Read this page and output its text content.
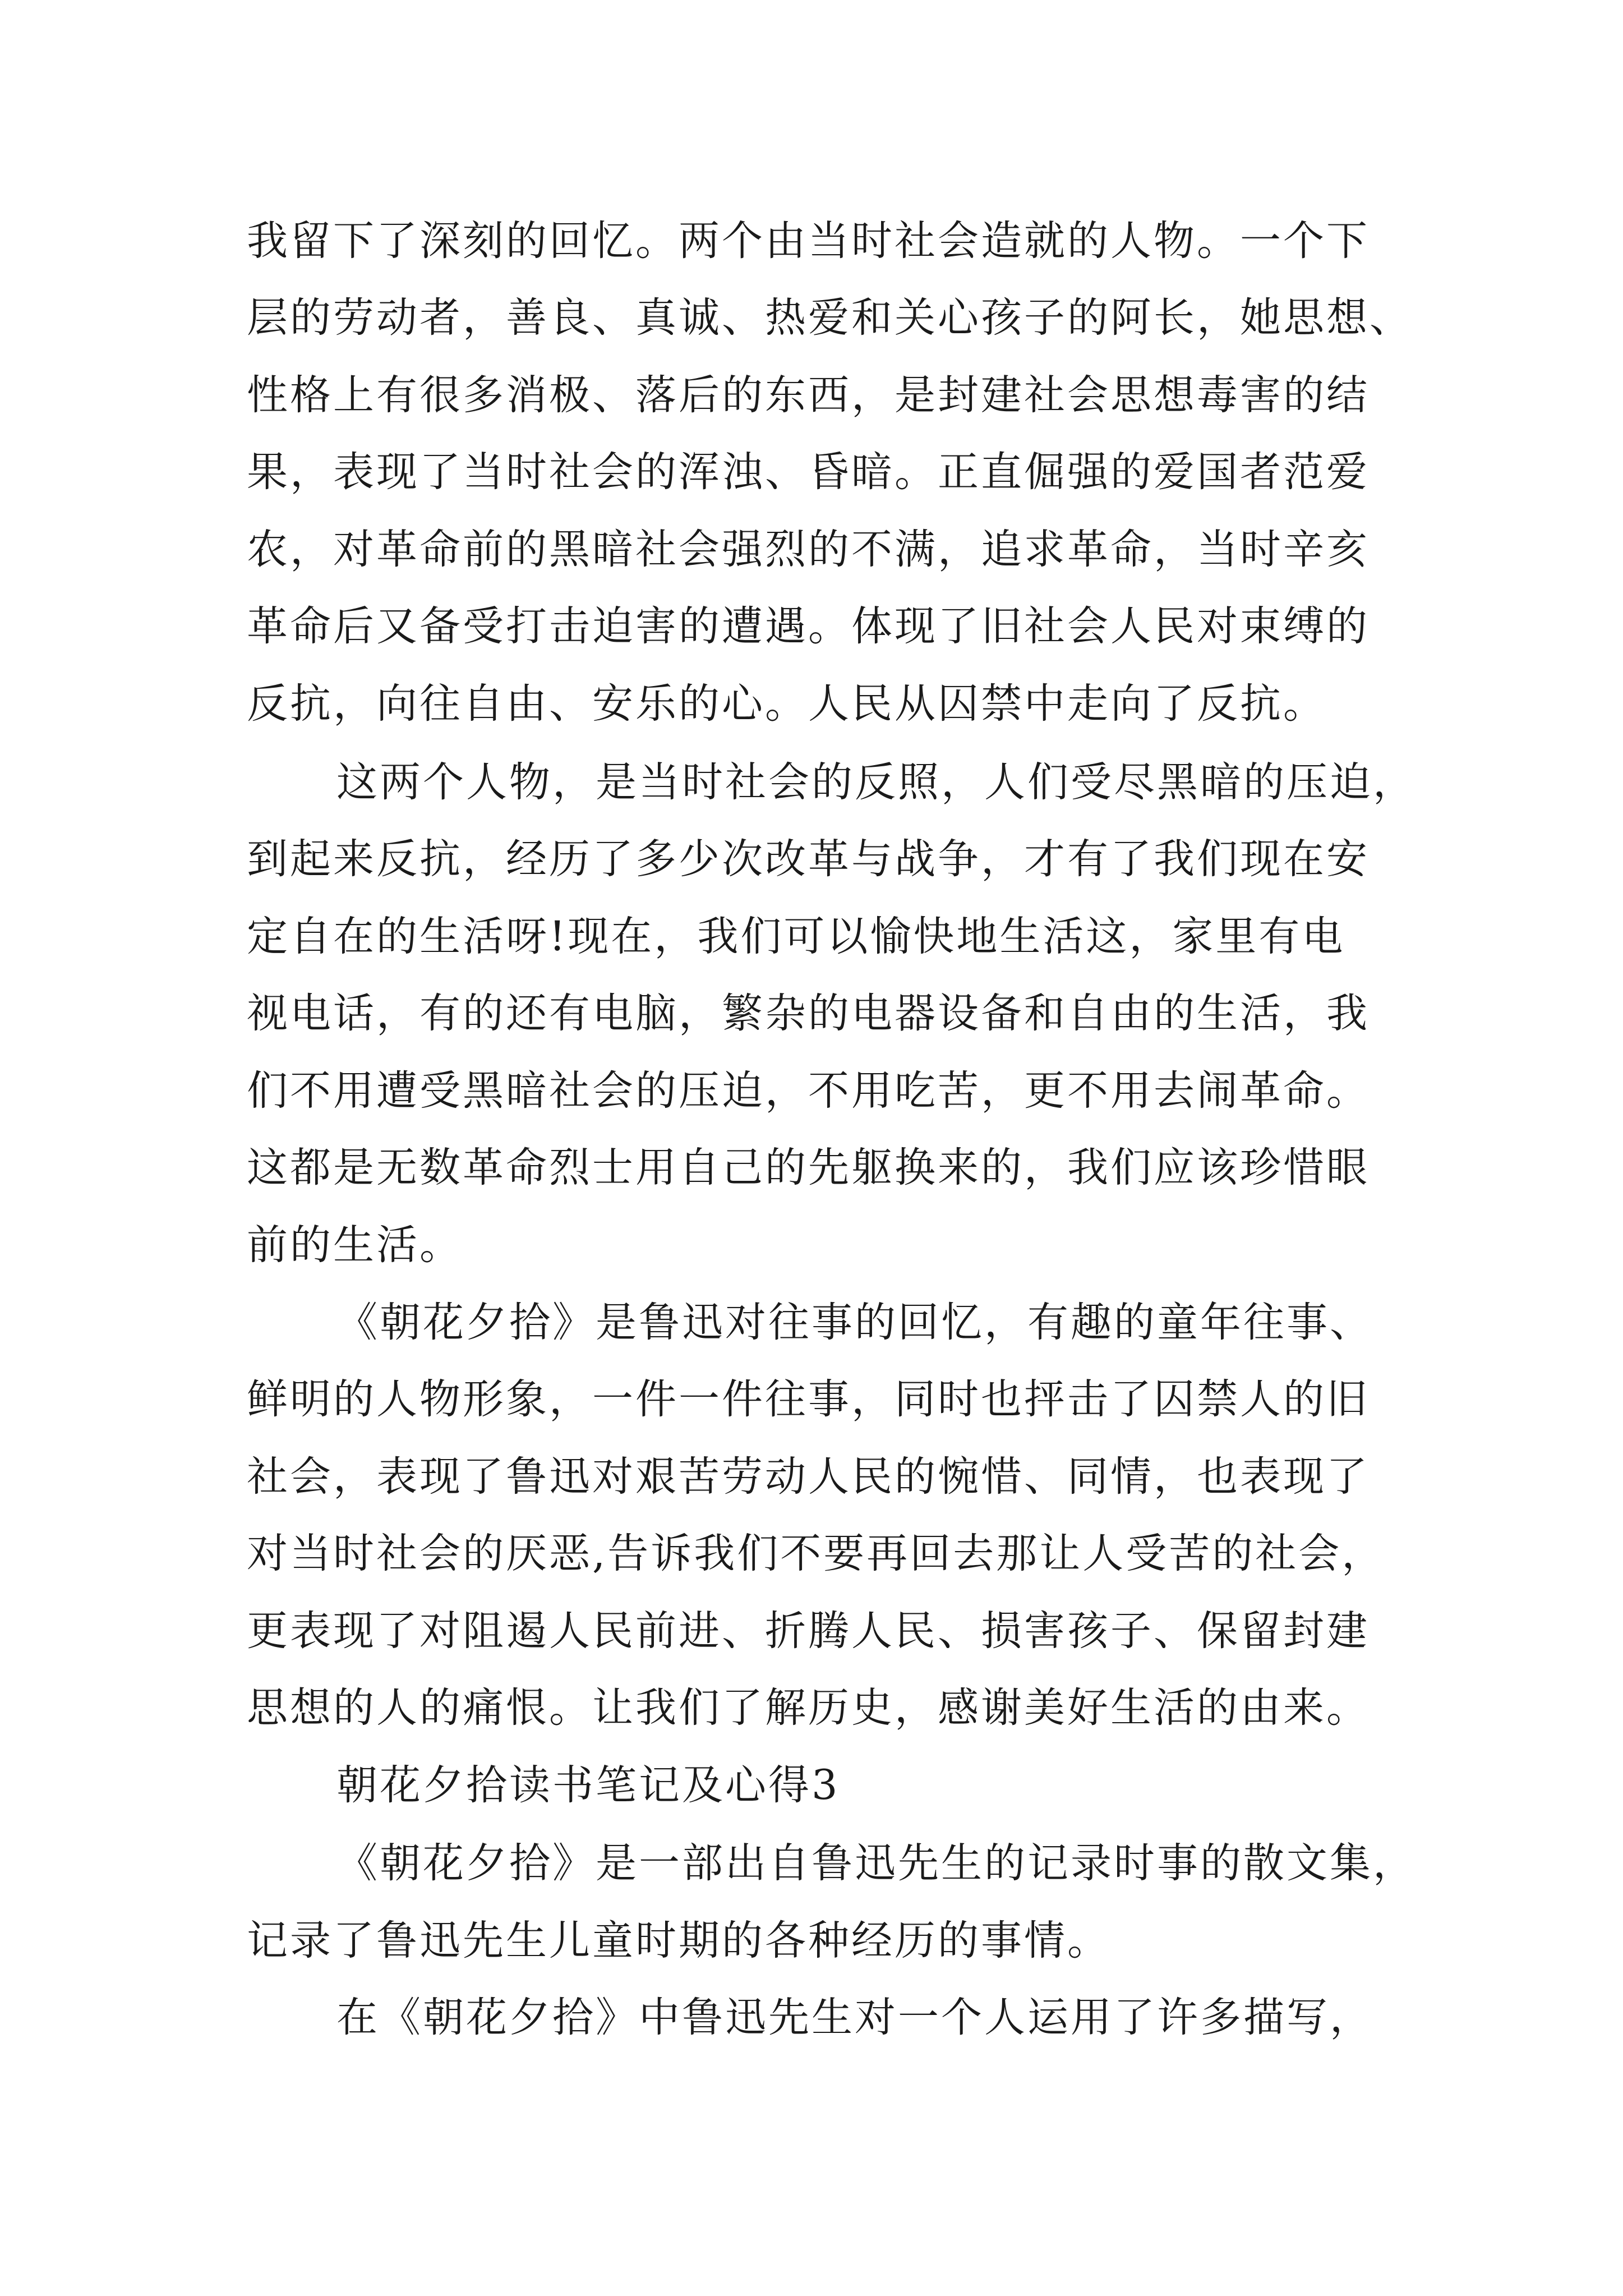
我留下了深刻的回忆。两个由当时社会造就的人物。一个下
层的劳动者，善良、真诚、热爱和关心孩子的阿长，她思想、
性格上有很多消极、落后的东西，是封建社会思想毒害的结
果，表现了当时社会的浑浊、昏暗。正直倔强的爱国者范爱
农，对革命前的黑暗社会强烈的不满，追求革命，当时辛亥
革命后又备受打击迫害的遭遇。体现了旧社会人民对束缚的
反抗，向往自由、安乐的心。人民从囚禁中走向了反抗。
这两个人物，是当时社会的反照，人们受尽黑暗的压迫，
到起来反抗，经历了多少次改革与战争，才有了我们现在安
定自在的生活呀!现在，我们可以愉快地生活这，家里有电
视电话，有的还有电脑，繁杂的电器设备和自由的生活，我
们不用遭受黑暗社会的压迫，不用吃苦，更不用去闹革命。
这都是无数革命烈士用自己的先躯换来的，我们应该珍惜眼
前的生活。
《朝花夕拾》是鲁迅对往事的回忆，有趣的童年往事、
鲜明的人物形象，一件一件往事，同时也抨击了囚禁人的旧
社会，表现了鲁迅对艰苦劳动人民的惋惜、同情，也表现了
对当时社会的厌恶,告诉我们不要再回去那让人受苦的社会，
更表现了对阻遏人民前进、折腾人民、损害孩子、保留封建
思想的人的痛恨。让我们了解历史，感谢美好生活的由来。
朝花夕拾读书笔记及心得3
《朝花夕拾》是一部出自鲁迅先生的记录时事的散文集，
记录了鲁迅先生儿童时期的各种经历的事情。
在《朝花夕拾》中鲁迅先生对一个人运用了许多描写，
